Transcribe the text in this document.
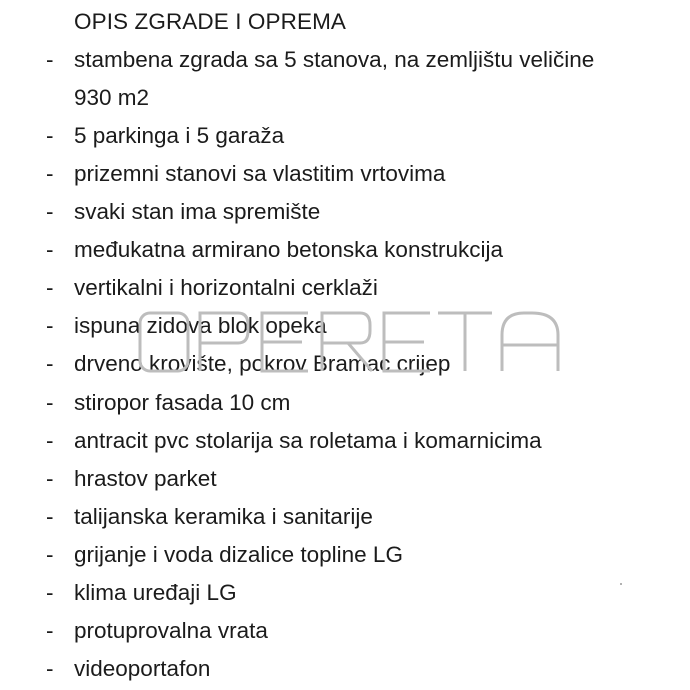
OPIS ZGRADE I OPREMA
- stambena zgrada sa 5 stanova, na zemljištu veličine
930 m2
- 5 parkinga i 5 garaža
- prizemni stanovi sa vlastitim vrtovima
- svaki stan ima spremište
- međukatna armirano betonska konstrukcija
- vertikalni i horizontalni cerklaži
- ispuna zidova blok opeka
- drveno krovište, pokrov Bramac crijep
- stiropor fasada 10 cm
- antracit pvc stolarija sa roletama i komarnicima
- hrastov parket
- talijanska keramika i sanitarije
- grijanje i voda dizalice topline LG
- klima uređaji LG
- protuprovalna vrata
- videoportafon
